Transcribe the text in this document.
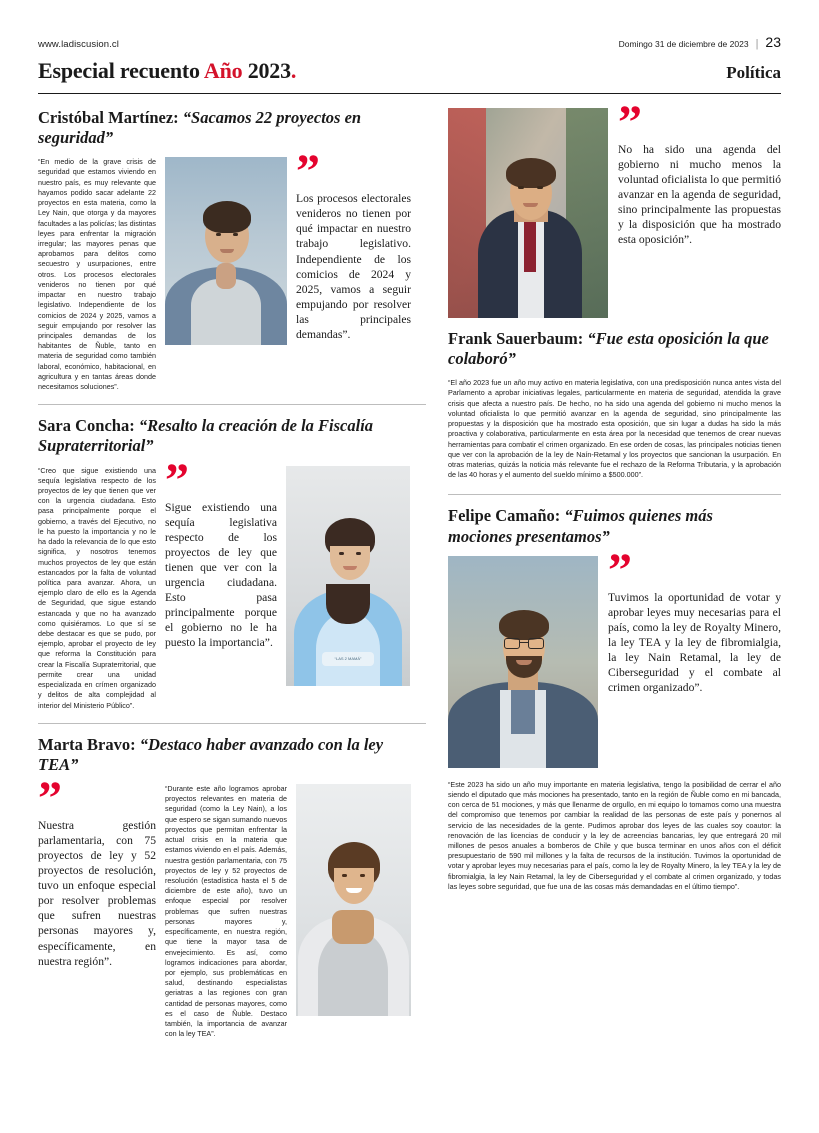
www.ladiscusion.cl	Domingo 31 de diciembre de 2023 | 23
Especial recuento Año 2023.	Política
Cristóbal Martínez: “Sacamos 22 proyectos en seguridad”
“En medio de la grave crisis de seguridad que estamos viviendo en nuestro país, es muy relevante que hayamos podido sacar adelante 22 proyectos en esta materia, como la Ley Nain, que otorga y da mayores facultades a las policías; las distintas leyes para enfrentar la migración irregular; las mayores penas que aprobamos para delitos como secuestro y usurpaciones, entre otros. Los procesos electorales venideros no tienen por qué impactar en nuestro trabajo legislativo. Independiente de los comicios de 2024 y 2025, vamos a seguir empujando por resolver las principales demandas de los habitantes de Ñuble, tanto en materia de seguridad como también laboral, económico, habitacional, en agricultura y en tantas áreas donde necesitamos soluciones”.
”
Los procesos electorales venideros no tienen por qué impactar en nuestro trabajo legislativo. Independiente de los comicios de 2024 y 2025, vamos a seguir empujando por resolver las principales demandas”.
Sara Concha: “Resalto la creación de la Fiscalía Supraterritorial”
“Creo que sigue existiendo una sequía legislativa respecto de los proyectos de ley que tienen que ver con la urgencia ciudadana. Esto pasa principalmente porque el gobierno, a través del Ejecutivo, no le ha puesto la importancia y no le ha dado la relevancia de lo que esto significa, y nosotros tenemos muchos proyectos de ley que están estancados por la falta de voluntad política para avanzar. Ahora, un ejemplo claro de ello es la Agenda de Seguridad, que sigue estando estancada y que no ha avanzado como quisiéramos. Lo que sí se debe destacar es que se pudo, por ejemplo, aprobar el proyecto de ley que reforma la Constitución para crear la Fiscalía Supraterritorial, que permite crear una unidad especializada en crímen organizado y delitos de alta complejidad al interior del Ministerio Público”.
”
Sigue existiendo una sequía legislativa respecto de los proyectos de ley que tienen que ver con la urgencia ciudadana. Esto pasa principalmente porque el gobierno no le ha puesto la importancia”.
“LAS 2 MAMÁ”
Marta Bravo: “Destaco haber avanzado con la ley TEA”
”
Nuestra gestión parlamentaria, con 75 proyectos de ley y 52 proyectos de resolución, tuvo un enfoque especial por resolver problemas que sufren nuestras personas mayores y, específicamente, en nuestra región”.
“Durante este año logramos aprobar proyectos relevantes en materia de seguridad (como la Ley Nain), a los que espero se sigan sumando nuevos proyectos que permitan enfrentar la actual crisis en la materia que estamos viviendo en el país. Además, nuestra gestión parlamentaria, con 75 proyectos de ley y 52 proyectos de resolución (estadística hasta el 5 de diciembre de este año), tuvo un enfoque especial por resolver problemas que sufren nuestras personas mayores y, específicamente, en nuestra región, que tiene la mayor tasa de envejecimiento. Es así, como logramos indicaciones para abordar, por ejemplo, sus problemáticas en salud, destinando especialistas geriatras a las regiones con gran cantidad de personas mayores, como es el caso de Ñuble. Destaco también, la importancia de avanzar con la ley TEA”.
”
No ha sido una agenda del gobierno ni mucho menos la voluntad oficialista lo que permitió avanzar en la agenda de seguridad, sino principalmente las propuestas y la disposición que ha mostrado esta oposición”.
Frank Sauerbaum: “Fue esta oposición la que colaboró”
“El año 2023 fue un año muy activo en materia legislativa, con una predisposición nunca antes vista del Parlamento a aprobar iniciativas legales, particularmente en materia de seguridad, atendida la grave crisis que afecta a nuestro país. De hecho, no ha sido una agenda del gobierno ni mucho menos la voluntad oficialista lo que permitió avanzar en la agenda de seguridad, sino principalmente las propuestas y la disposición que ha mostrado esta oposición, que sin lugar a dudas ha sido la más proactiva y colaborativa, particularmente en esta área por la necesidad que tenemos de crear nuevas herramientas para combatir el crimen organizado. En ese orden de cosas, las principales noticias tienen que ver con la aprobación de la ley de Naín-Retamal y los proyectos que sancionan la usurpación. En otras materias, quizás la noticia más relevante fue el rechazo de la Reforma Tributaria, y la aprobación de las 40 horas y el aumento del sueldo mínimo a $500.000”.
Felipe Camaño: “Fuimos quienes más mociones presentamos”
”
Tuvimos la oportunidad de votar y aprobar leyes muy necesarias para el país, como la ley de Royalty Minero, la ley TEA y la ley de fibromialgia, la ley Nain Retamal, la ley de Ciberseguridad y el combate al crimen organizado”.
“Este 2023 ha sido un año muy importante en materia legislativa, tengo la posibilidad de cerrar el año siendo el diputado que más mociones ha presentado, tanto en la región de Ñuble como en mi bancada, con cerca de 51 mociones, y más que llenarme de orgullo, en mi equipo lo tomamos como una muestra del compromiso que tenemos por cambiar la realidad de las personas de este país y ponernos al servicio de las necesidades de la gente. Pudimos aprobar dos leyes de las cuales soy coautor: la renovación de las licencias de conducir y la ley de acreencias bancarias, ley que entregará 20 mil millones de pesos anuales a bomberos de Chile y que busca terminar en unos años con el déficit presupuestario de 590 mil millones y la falta de recursos de la institución. Tuvimos la oportunidad de votar y aprobar leyes muy necesarias para el país, como la ley de Royalty Minero, la ley TEA y la ley de fibromialgia, la ley Nain Retamal, la ley de Ciberseguridad y el combate al crimen organizado, y todas las leyes sobre seguridad, que fue una de las cosas más demandadas en el último tiempo”.
